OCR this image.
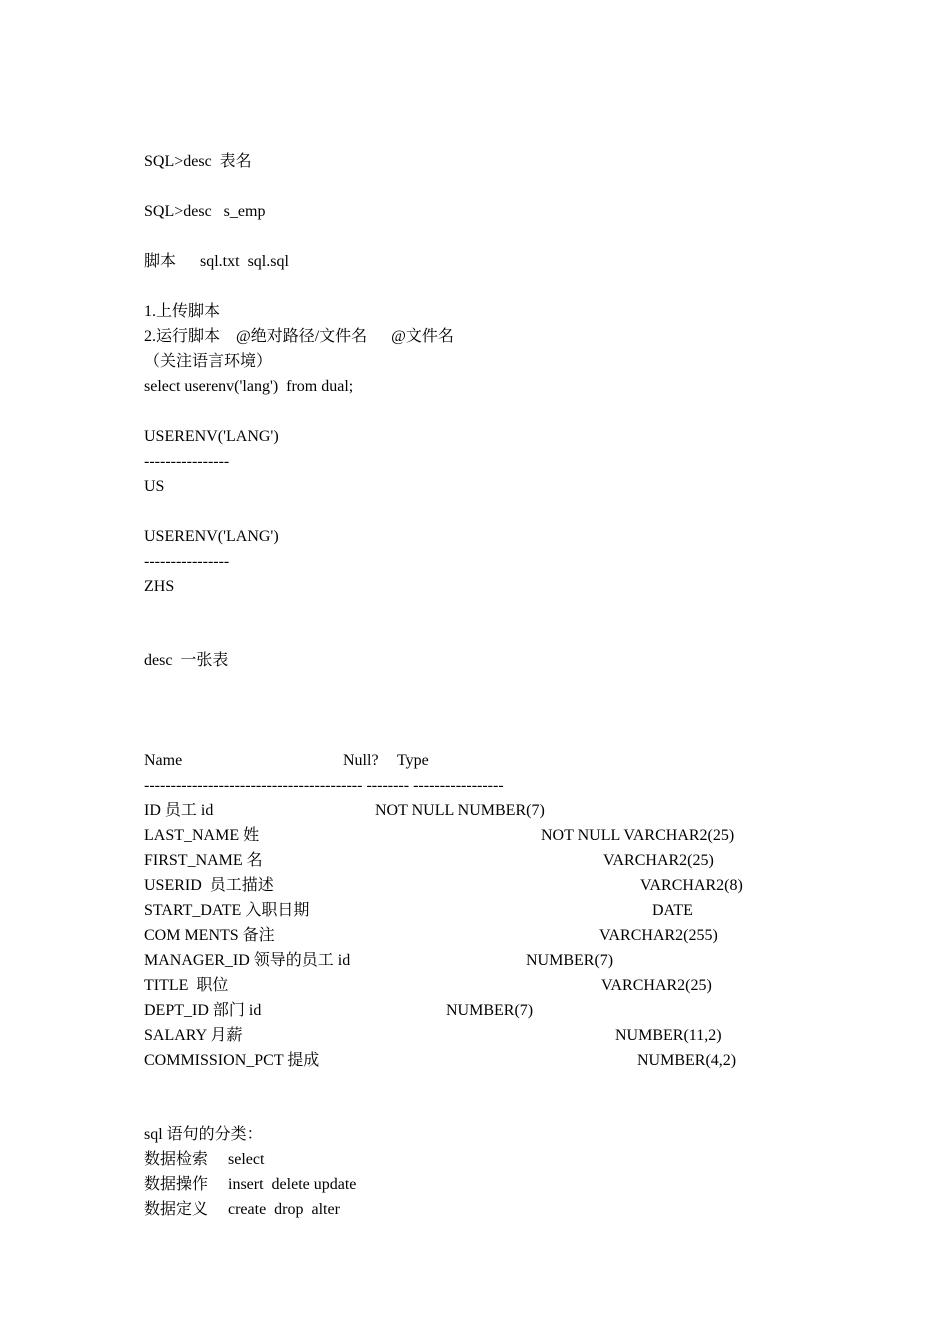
SQL>desc  表名
SQL>desc   s_emp
脚本      sql.txt  sql.sql
1.上传脚本
2.运行脚本    @绝对路径/文件名      @文件名
（关注语言环境）
select userenv('lang')  from dual;
USERENV('LANG')
----------------
US
USERENV('LANG')
----------------
ZHS
desc  一张表
Name	Null? Type
----------------------------------------- -------- -----------------
ID 员工 id	NOT NULL NUMBER(7)
LAST_NAME 姓	NOT NULL VARCHAR2(25)
FIRST_NAME 名	VARCHAR2(25)
USERID  员工描述	VARCHAR2(8)
START_DATE 入职日期	DATE
COM MENTS 备注	VARCHAR2(255)
MANAGER_ID 领导的员工 id	NUMBER(7)
TITLE  职位	VARCHAR2(25)
DEPT_ID 部门 id	NUMBER(7)
SALARY 月薪	NUMBER(11,2)
COMMISSION_PCT 提成	NUMBER(4,2)
sql 语句的分类：
数据检索 select
数据操作 insert  delete update
数据定义 create  drop  alter
